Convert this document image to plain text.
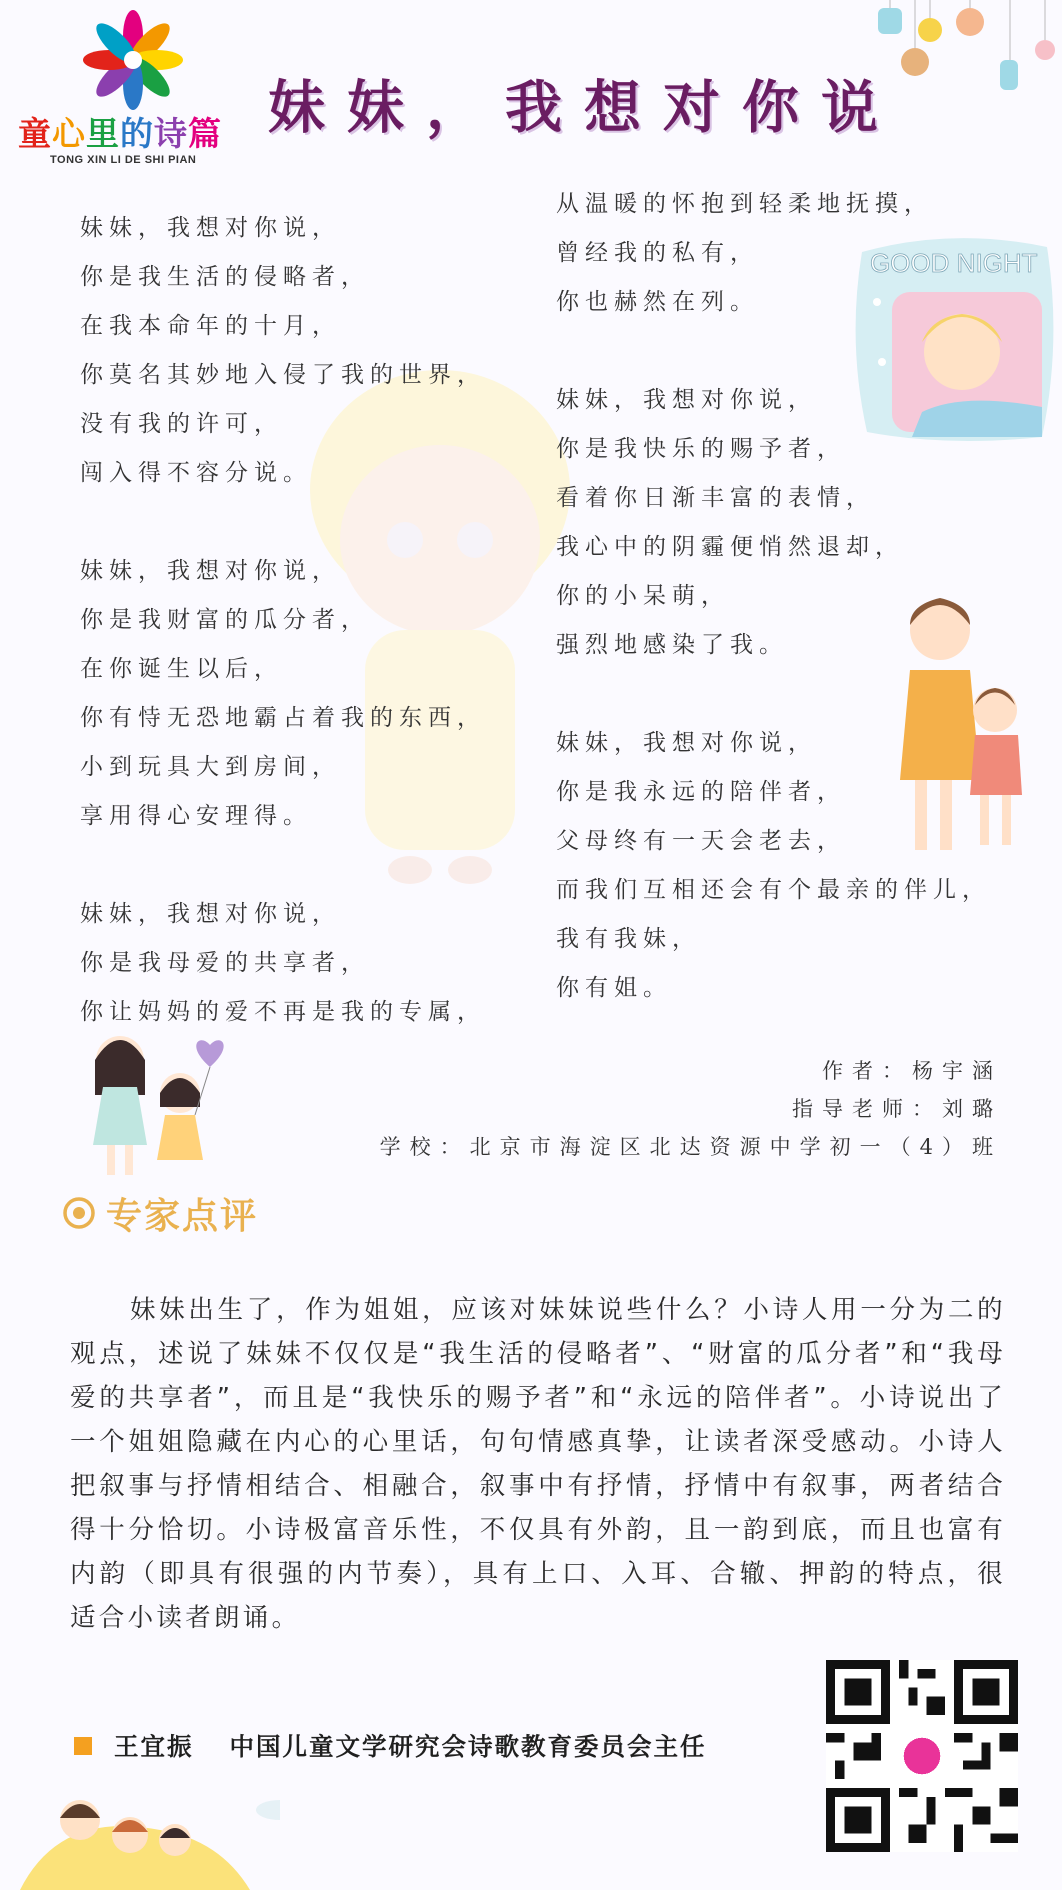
童心里的诗篇
TONG XIN LI DE SHI PIAN
妹妹，我想对你说
妹妹，我想对你说，
你是我生活的侵略者，
在我本命年的十月，
你莫名其妙地入侵了我的世界，
没有我的许可，
闯入得不容分说。
妹妹，我想对你说，
你是我财富的瓜分者，
在你诞生以后，
你有恃无恐地霸占着我的东西，
小到玩具大到房间，
享用得心安理得。
妹妹，我想对你说，
你是我母爱的共享者，
你让妈妈的爱不再是我的专属，
从温暖的怀抱到轻柔地抚摸，
曾经我的私有，
你也赫然在列。
妹妹，我想对你说，
你是我快乐的赐予者，
看着你日渐丰富的表情，
我心中的阴霾便悄然退却，
你的小呆萌，
强烈地感染了我。
妹妹，我想对你说，
你是我永远的陪伴者，
父母终有一天会老去，
而我们互相还会有个最亲的伴儿，
我有我妹，
你有姐。
GOOD NIGHT
作者：杨宇涵
指导老师：刘璐
学校：北京市海淀区北达资源中学初一（4）班
专家点评

妹妹出生了，作为姐姐，应该对妹妹说些什么？小诗人用一分为二的观点，述说了妹妹不仅仅是“我生活的侵略者”、“财富的瓜分者”和“我母爱的共享者”，而且是“我快乐的赐予者”和“永远的陪伴者”。小诗说出了一个姐姐隐藏在内心的心里话，句句情感真挚，让读者深受感动。小诗人把叙事与抒情相结合、相融合，叙事中有抒情，抒情中有叙事，两者结合得十分恰切。小诗极富音乐性，不仅具有外韵，且一韵到底，而且也富有内韵（即具有很强的内节奏），具有上口、入耳、合辙、押韵的特点，很适合小读者朗诵。

王宜振 中国儿童文学研究会诗歌教育委员会主任
